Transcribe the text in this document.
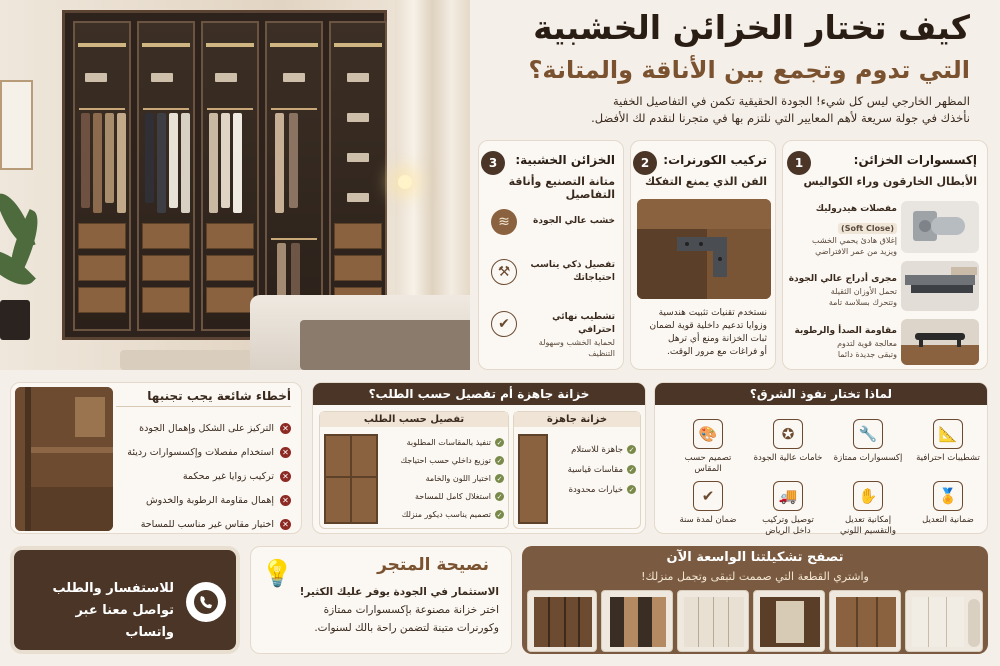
كيف تختار الخزائن الخشبية
التي تدوم وتجمع بين الأناقة والمتانة؟
المظهر الخارجي ليس كل شيء! الجودة الحقيقية تكمن في التفاصيل الخفية
نأخذك في جولة سريعة لأهم المعايير التي نلتزم بها في متجرنا لنقدم لك الأفضل.
1	إكسسوارات الخزائن:
الأبطال الخارقون وراء الكواليس
مفصلات هيدروليك
(Soft Close)
إغلاق هادئ يحمي الخشب
ويزيد من عمر الافتراضي
مجرى أدراج عالي الجودة
تحمل الأوزان الثقيلة
وتتحرك بسلاسة تامة
مقاومة الصدأ والرطوبة
معالجة قوية لتدوم
وتبقى جديدة دائما
2	تركيب الكورنرات:
الفن الذي يمنع التفكك
نستخدم تقنيات تثبيت هندسية
وزوايا تدعيم داخلية قوية لضمان
ثبات الخزانة ومنع أي ترهل
أو فراغات مع مرور الوقت.
3	الخزائن الخشبية:
متانة التصنيع وأناقة التفاصيل
≋	خشب عالي الجودة
⚒	تفصيل ذكي يناسب
احتياجاتك
✔	تشطيب نهائي احترافي
لحماية الخشب وسهولة التنظيف
أخطاء شائعة يجب تجنبها
✕التركيز على الشكل وإهمال الجودة
✕استخدام مفصلات وإكسسوارات رديئة
✕تركيب زوايا غير محكمة
✕إهمال مقاومة الرطوبة والخدوش
✕اختيار مقاس غير مناسب للمساحة
خزانة جاهزة أم تفصيل حسب الطلب؟
خزانة جاهزة
✓جاهزة للاستلام
✓مقاسات قياسية
✓خيارات محدودة
تفصيل حسب الطلب
✓تنفيذ بالمقاسات المطلوبة
✓توزيع داخلي حسب احتياجك
✓اختيار اللون والخامة
✓استغلال كامل للمساحة
✓تصميم يناسب ديكور منزلك
لماذا تختار نفوذ الشرق؟
📐
تشطيبات احترافية
🔧
إكسسوارات ممتازة
✪
خامات عالية الجودة
🎨
تصميم حسب المقاس
🏅
ضمانية التعديل
✋
إمكانية تعديل
والتقسيم اللوني
🚚
توصيل وتركيب
داخل الرياض
✔
ضمان لمدة سنة
للاستفسار والطلب
تواصل معنا عبر واتساب
💡	نصيحة المتجر
الاستثمار في الجودة يوفر عليك الكثير!
اختر خزانة مصنوعة بإكسسوارات ممتازة
وكورنرات متينة لتضمن راحة بالك لسنوات.
تصفح تشكيلتنا الواسعة الآن
واشتري القطعة التي صممت لتبقى وتجمل منزلك!
